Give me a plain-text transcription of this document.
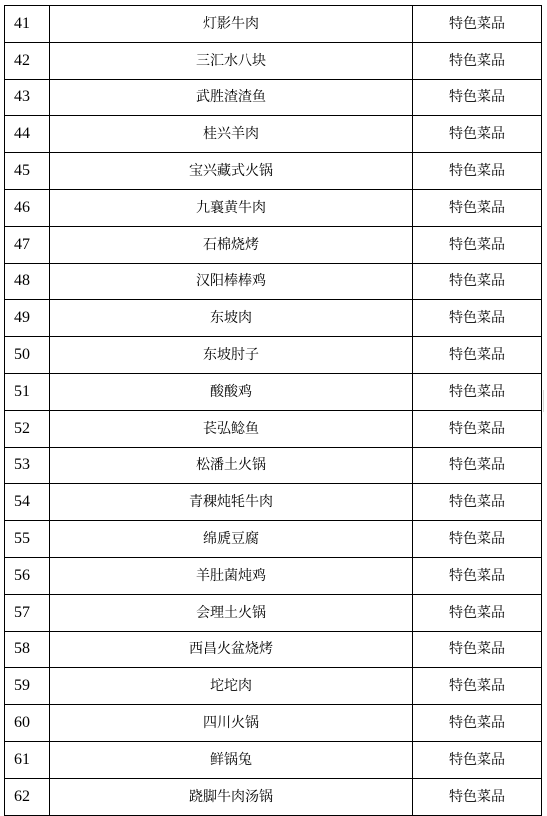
41	灯影牛肉	特色菜品
42	三汇水八块	特色菜品
43	武胜渣渣鱼	特色菜品
44	桂兴羊肉	特色菜品
45	宝兴藏式火锅	特色菜品
46	九襄黄牛肉	特色菜品
47	石棉烧烤	特色菜品
48	汉阳棒棒鸡	特色菜品
49	东坡肉	特色菜品
50	东坡肘子	特色菜品
51	酸酸鸡	特色菜品
52	苌弘鲶鱼	特色菜品
53	松潘土火锅	特色菜品
54	青稞炖牦牛肉	特色菜品
55	绵虒豆腐	特色菜品
56	羊肚菌炖鸡	特色菜品
57	会理土火锅	特色菜品
58	西昌火盆烧烤	特色菜品
59	坨坨肉	特色菜品
60	四川火锅	特色菜品
61	鲜锅兔	特色菜品
62	跷脚牛肉汤锅	特色菜品
